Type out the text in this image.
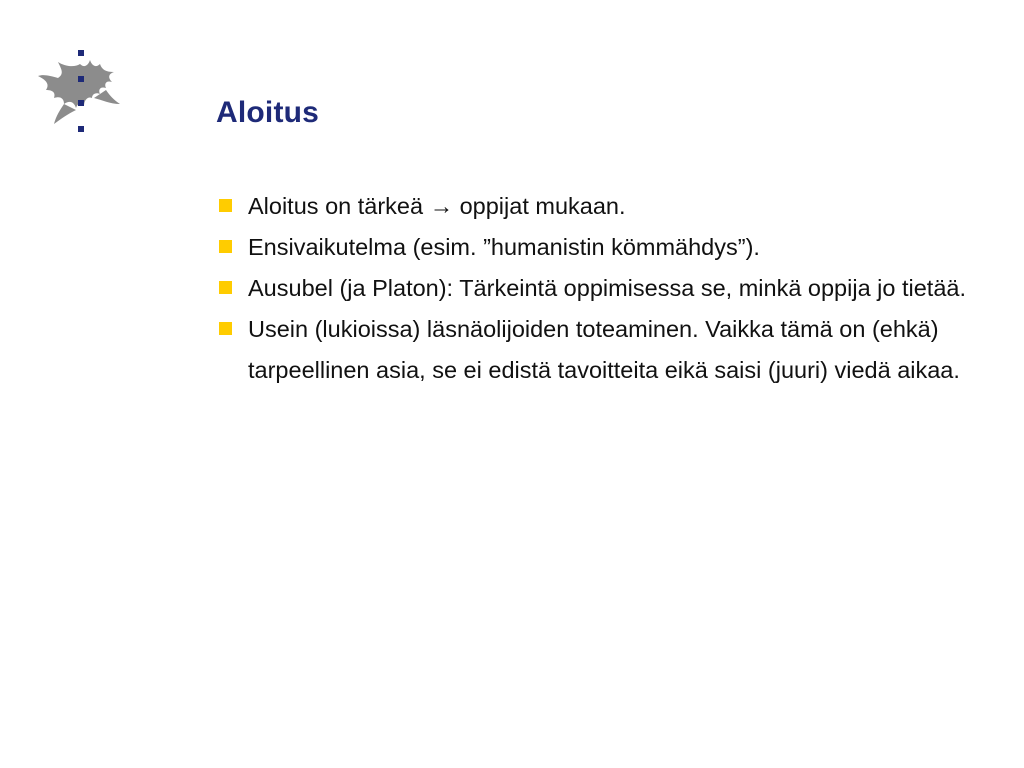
Aloitus
Aloitus on tärkeä → oppijat mukaan.
Ensivaikutelma (esim. ”humanistin kömmähdys”).
Ausubel (ja Platon): Tärkeintä oppimisessa se, minkä oppija jo tietää.
Usein (lukioissa) läsnäolijoiden toteaminen. Vaikka tämä on (ehkä) tarpeellinen asia, se ei edistä tavoitteita eikä saisi (juuri) viedä aikaa.
